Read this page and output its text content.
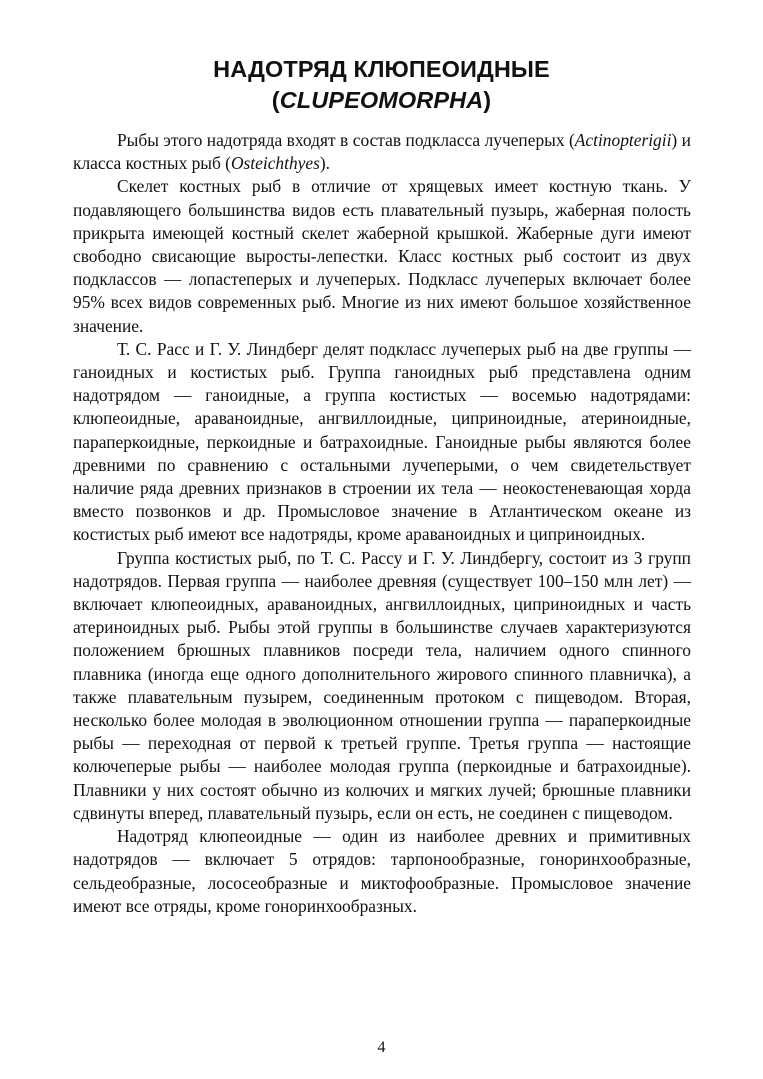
НАДОТРЯД КЛЮПЕОИДНЫЕ
(CLUPEOMORPHA)

Рыбы этого надотряда входят в состав подкласса лучеперых (Actinopterigii) и класса костных рыб (Osteichthyes).

Скелет костных рыб в отличие от хрящевых имеет костную ткань. У подавляющего большинства видов есть плавательный пузырь, жаберная полость прикрыта имеющей костный скелет жаберной крышкой. Жаберные дуги имеют свободно свисающие выросты-лепестки. Класс костных рыб состоит из двух подклассов — лопастеперых и лучеперых. Подкласс лучеперых включает более 95% всех видов современных рыб. Многие из них имеют большое хозяйственное значение.

Т. С. Расс и Г. У. Линдберг делят подкласс лучеперых рыб на две группы — ганоидных и костистых рыб. Группа ганоидных рыб представлена одним надотрядом — ганоидные, а группа костистых — восемью надотрядами: клюпеоидные, араваноидные, ангвиллоидные, циприноидные, атериноидные, параперкоидные, перкоидные и батрахоидные. Ганоидные рыбы являются более древними по сравнению с остальными лучеперыми, о чем свидетельствует наличие ряда древних признаков в строении их тела — неокостеневающая хорда вместо позвонков и др. Промысловое значение в Атлантическом океане из костистых рыб имеют все надотряды, кроме араваноидных и циприноидных.

Группа костистых рыб, по Т. С. Рассу и Г. У. Линдбергу, состоит из 3 групп надотрядов. Первая группа — наиболее древняя (существует 100–150 млн лет) — включает клюпеоидных, араваноидных, ангвиллоидных, циприноидных и часть атериноидных рыб. Рыбы этой группы в большинстве случаев характеризуются положением брюшных плавников посреди тела, наличием одного спинного плавника (иногда еще одного дополнительного жирового спинного плавничка), а также плавательным пузырем, соединенным протоком с пищеводом. Вторая, несколько более молодая в эволюционном отношении группа — параперкоидные рыбы — переходная от первой к третьей группе. Третья группа — настоящие колючеперые рыбы — наиболее молодая группа (перкоидные и батрахоидные). Плавники у них состоят обычно из колючих и мягких лучей; брюшные плавники сдвинуты вперед, плавательный пузырь, если он есть, не соединен с пищеводом.

Надотряд клюпеоидные — один из наиболее древних и примитивных надотрядов — включает 5 отрядов: тарпонообразные, гоноринхообразные, сельдеобразные, лососеобразные и миктофообразные. Промысловое значение имеют все отряды, кроме гоноринхообразных.

4
